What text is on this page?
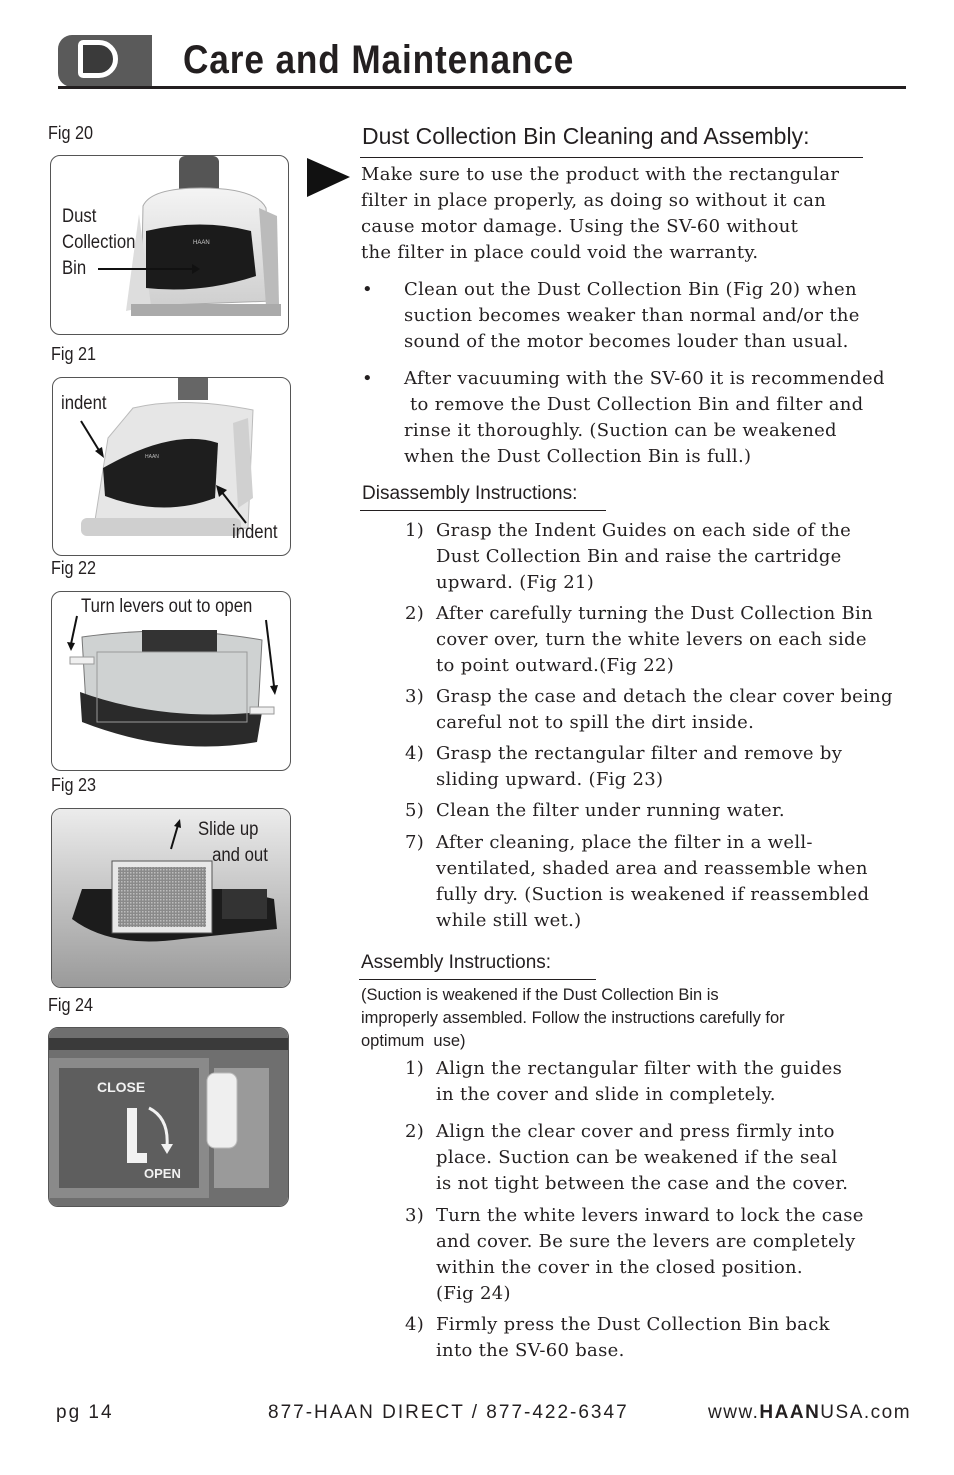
Care and Maintenance
Fig 20
HAAN
Dust
Collection
Bin
Fig 21
HAAN
indent
indent
Fig 22
Turn levers out to open
Fig 23
Slide up
and out
Fig 24
CLOSE
OPEN
Dust Collection Bin Cleaning and Assembly:
Make sure to use the product with the rectangular
filter in place properly, as doing so without it can
cause motor damage. Using the SV-60 without
the filter in place could void the warranty.
• Clean out the Dust Collection Bin (Fig 20) when
suction becomes weaker than normal and/or the
sound of the motor becomes louder than usual.
• After vacuuming with the SV-60 it is recommended
to remove the Dust Collection Bin and filter and
rinse it thoroughly. (Suction can be weakened
when the Dust Collection Bin is full.)
Disassembly Instructions:
1) Grasp the Indent Guides on each side of the
Dust Collection Bin and raise the cartridge
upward. (Fig 21)
2) After carefully turning the Dust Collection Bin
cover over, turn the white levers on each side
to point outward.(Fig 22)
3) Grasp the case and detach the clear cover being
careful not to spill the dirt inside.
4) Grasp the rectangular filter and remove by
sliding upward. (Fig 23)
5) Clean the filter under running water.
7) After cleaning, place the filter in a well-
ventilated, shaded area and reassemble when
fully dry. (Suction is weakened if reassembled
while still wet.)
Assembly Instructions:
(Suction is weakened if the Dust Collection Bin is
improperly assembled. Follow the instructions carefully for
optimum  use)
1) Align the rectangular filter with the guides
in the cover and slide in completely.
2) Align the clear cover and press firmly into
place. Suction can be weakened if the seal
is not tight between the case and the cover.
3) Turn the white levers inward to lock the case
and cover. Be sure the levers are completely
within the cover in the closed position.
(Fig 24)
4) Firmly press the Dust Collection Bin back
into the SV-60 base.
pg 14	877-HAAN DIRECT / 877-422-6347	www.HAANUSA.com
